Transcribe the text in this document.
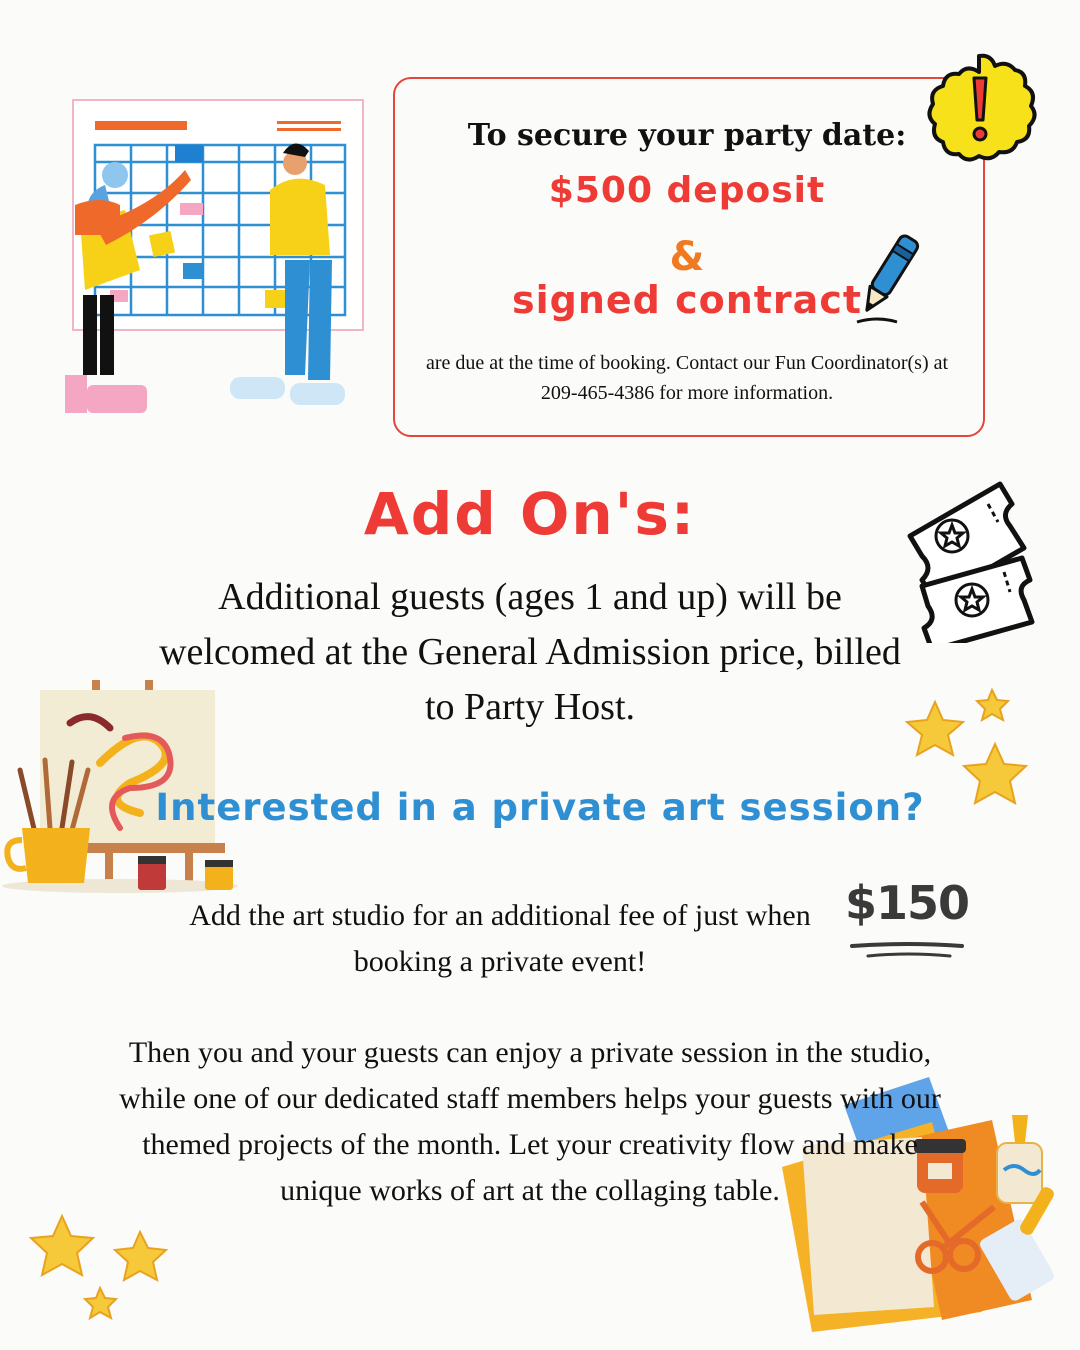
To secure your party date:
$500 deposit
&
signed contract
are due at the time of booking. Contact our Fun Coordinator(s) at 209-465-4386 for more information.
Add On's:
Additional guests (ages 1 and up) will be welcomed at the General Admission price, billed to Party Host.
Interested in a private art session?
Add the art studio for an additional fee of just when booking a private event!
$150
Then you and your guests can enjoy a private session in the studio, while one of our dedicated staff members helps your guests with our themed projects of the month. Let your creativity flow and make unique works of art at the collaging table.
